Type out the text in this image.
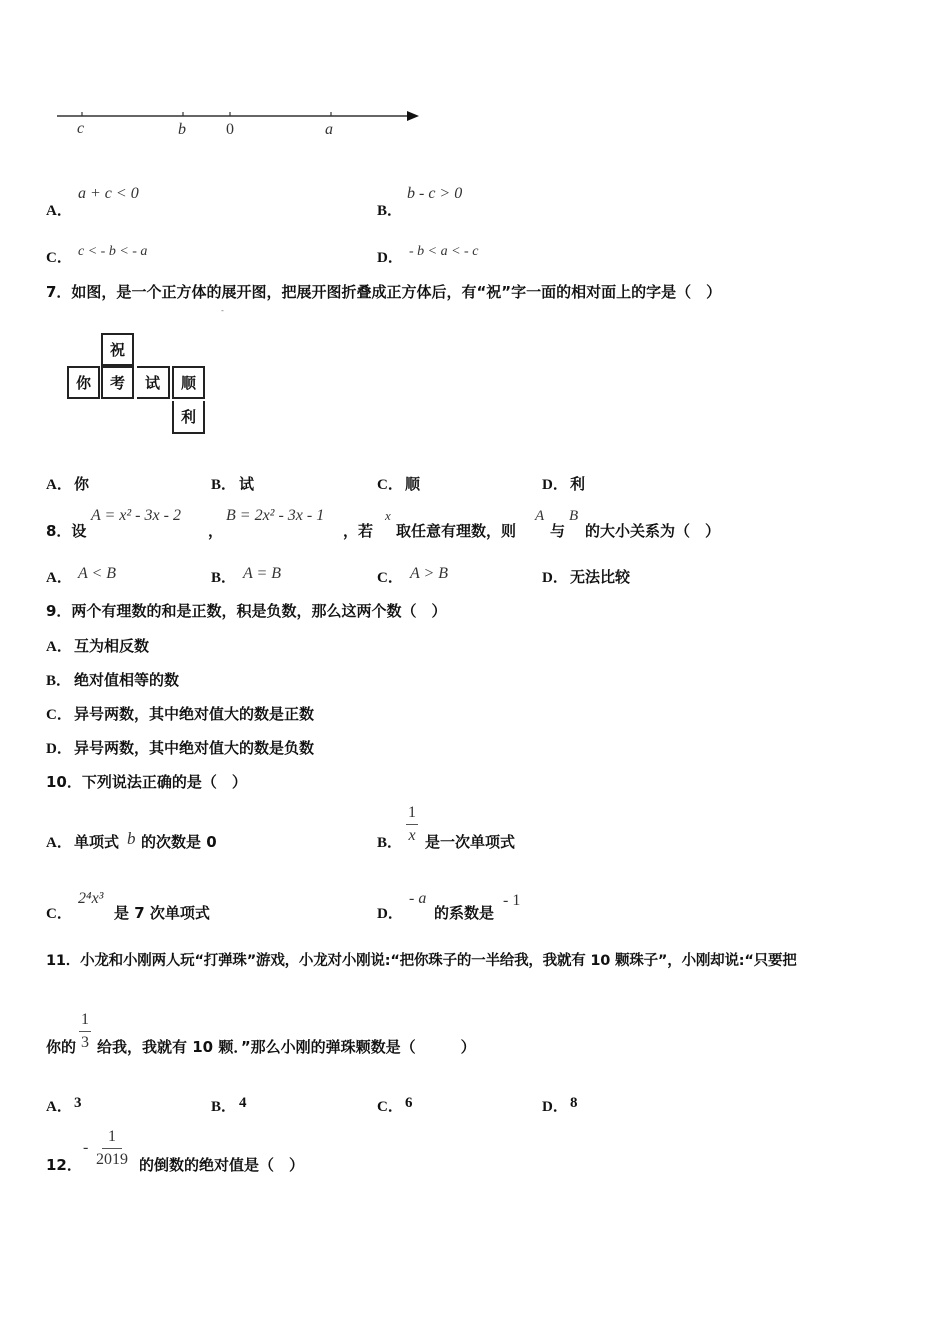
c	b	0	a
A．
a + c < 0
B．
b - c > 0
C． c < - b < - a	D． - b < a < - c
7．如图，是一个正方体的展开图，把展开图折叠成正方体后，有“祝”字一面的相对面上的字是（　）
-
祝
你	考	试	顺
利
A． 你	B． 试	C． 顺	D． 利
8．设
A = x² - 3x - 2
，
B = 2x² - 3x - 1
，若
x
取任意有理数，则
A
与
B
的大小关系为（　）
A． A < B	B． A = B	C． A > B	D． 无法比较
9．两个有理数的和是正数，积是负数，那么这两个数（　）
A． 互为相反数
B． 绝对值相等的数
C． 异号两数，其中绝对值大的数是正数
D． 异号两数，其中绝对值大的数是负数
10．下列说法正确的是（　）
A． 单项式 b 的次数是 0	B． $\frac{1}{x}$ 是一次单项式
C．
2⁴x³
是 7 次单项式	D．
- a
的系数是
- 1
11．小龙和小刚两人玩“打弹珠”游戏，小龙对小刚说:“把你珠子的一半给我，我就有 10 颗珠子”，小刚却说:“只要把
你的 $\frac{1}{3}$ 给我，我就有 10 颗．”那么小刚的弹珠颗数是（　　　）
A． 3	B． 4	C． 6	D． 8
12．
- $\frac{1}{2019}$ 的倒数的绝对值是（　）
